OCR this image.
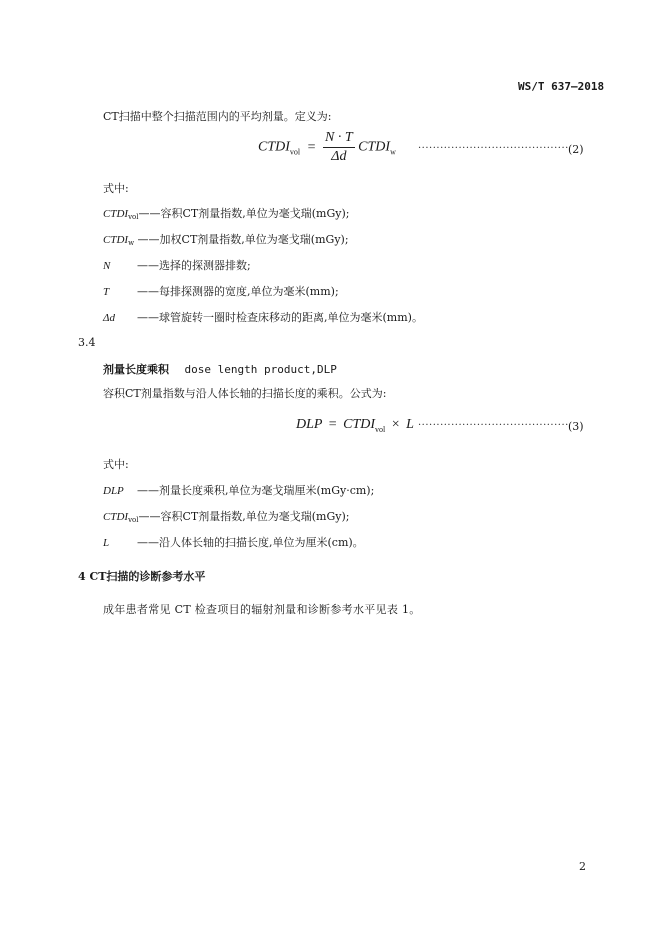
WS/T 637—2018
CT扫描中整个扫描范围内的平均剂量。定义为:
$CTDI_{vol} = \frac{N \cdot T}{\Delta d}$ $CTDI_w$ ········································· (2)
式中:
$CTDI_{vol}——$容积CT剂量指数,单位为毫戈瑞(mGy);
$CTDI_w$ ——加权CT剂量指数,单位为毫戈瑞(mGy);
N ——选择的探测器排数;
T	——每排探测器的宽度,单位为毫米(mm);
Δd ——球管旋转一圈时检查床移动的距离,单位为毫米(mm)。
3.4
剂量长度乘积 dose length product,DLP
容积CT剂量指数与沿人体长轴的扫描长度的乘积。公式为:
DLP = $CTDI_{vol} \times L$ ········································· (3)
式中:
DLP ——剂量长度乘积,单位为毫戈瑞厘米(mGy·cm);
$CTDI_{vol}——$容积CT剂量指数,单位为毫戈瑞(mGy);
L	——沿人体长轴的扫描长度,单位为厘米(cm)。
4 CT扫描的诊断参考水平
成年患者常见 CT 检查项目的辐射剂量和诊断参考水平见表 1。
2
